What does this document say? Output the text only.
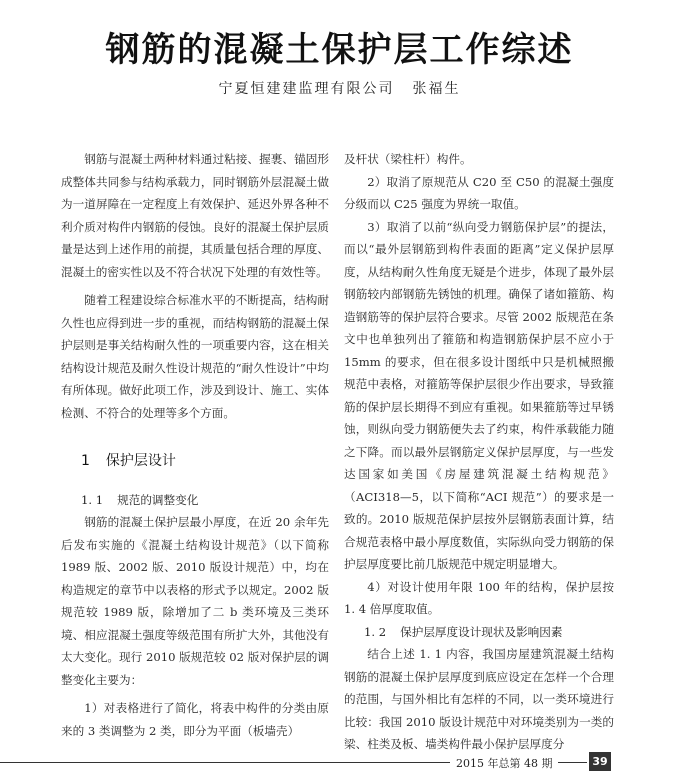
钢筋的混凝土保护层工作综述
宁夏恒建建监理有限公司 张福生

钢筋与混凝土两种材料通过粘接、握裹、锚固形成整体共同参与结构承载力，同时钢筋外层混凝土做为一道屏障在一定程度上有效保护、延迟外界各种不利介质对构件内钢筋的侵蚀。良好的混凝土保护层质量是达到上述作用的前提，其质量包括合理的厚度、混凝土的密实性以及不符合状况下处理的有效性等。

随着工程建设综合标准水平的不断提高，结构耐久性也应得到进一步的重视，而结构钢筋的混凝土保护层则是事关结构耐久性的一项重要内容，这在相关结构设计规范及耐久性设计规范的“耐久性设计”中均有所体现。做好此项工作，涉及到设计、施工、实体检测、不符合的处理等多个方面。

1 保护层设计
1. 1 规范的调整变化

钢筋的混凝土保护层最小厚度，在近 20 余年先后发布实施的《混凝土结构设计规范》（以下简称 1989 版、2002 版、2010 版设计规范）中，均在构造规定的章节中以表格的形式予以规定。2002 版规范较 1989 版，除增加了二 b 类环境及三类环境、相应混凝土强度等级范围有所扩大外，其他没有太大变化。现行 2010 版规范较 02 版对保护层的调整变化主要为：

1）对表格进行了简化，将表中构件的分类由原来的 3 类调整为 2 类，即分为平面（板墙壳）

及杆状（梁柱杆）构件。

2）取消了原规范从 C20 至 C50 的混凝土强度分级而以 C25 强度为界统一取值。

3）取消了以前“纵向受力钢筋保护层”的提法，而以“最外层钢筋到构件表面的距离”定义保护层厚度，从结构耐久性角度无疑是个进步，体现了最外层钢筋较内部钢筋先锈蚀的机理。确保了诸如箍筋、构造钢筋等的保护层符合要求。尽管 2002 版规范在条文中也单独列出了箍筋和构造钢筋保护层不应小于 15mm 的要求，但在很多设计图纸中只是机械照搬规范中表格，对箍筋等保护层很少作出要求，导致箍筋的保护层长期得不到应有重视。如果箍筋等过早锈蚀，则纵向受力钢筋便失去了约束，构件承载能力随之下降。而以最外层钢筋定义保护层厚度，与一些发达国家如美国《房屋建筑混凝土结构规范》 （ACI318—5，以下简称“ACI 规范”）的要求是一致的。2010 版规范保护层按外层钢筋表面计算，结合规范表格中最小厚度数值，实际纵向受力钢筋的保护层厚度要比前几版规范中规定明显增大。

4）对设计使用年限 100 年的结构，保护层按 1. 4 倍厚度取值。

1. 2 保护层厚度设计现状及影响因素

结合上述 1. 1 内容，我国房屋建筑混凝土结构钢筋的混凝土保护层厚度到底应设定在怎样一个合理的范围，与国外相比有怎样的不同，以一类环境进行比较：我国 2010 版设计规范中对环境类别为一类的梁、柱类及板、墙类构件最小保护层厚度分

2015 年总第 48 期	39
